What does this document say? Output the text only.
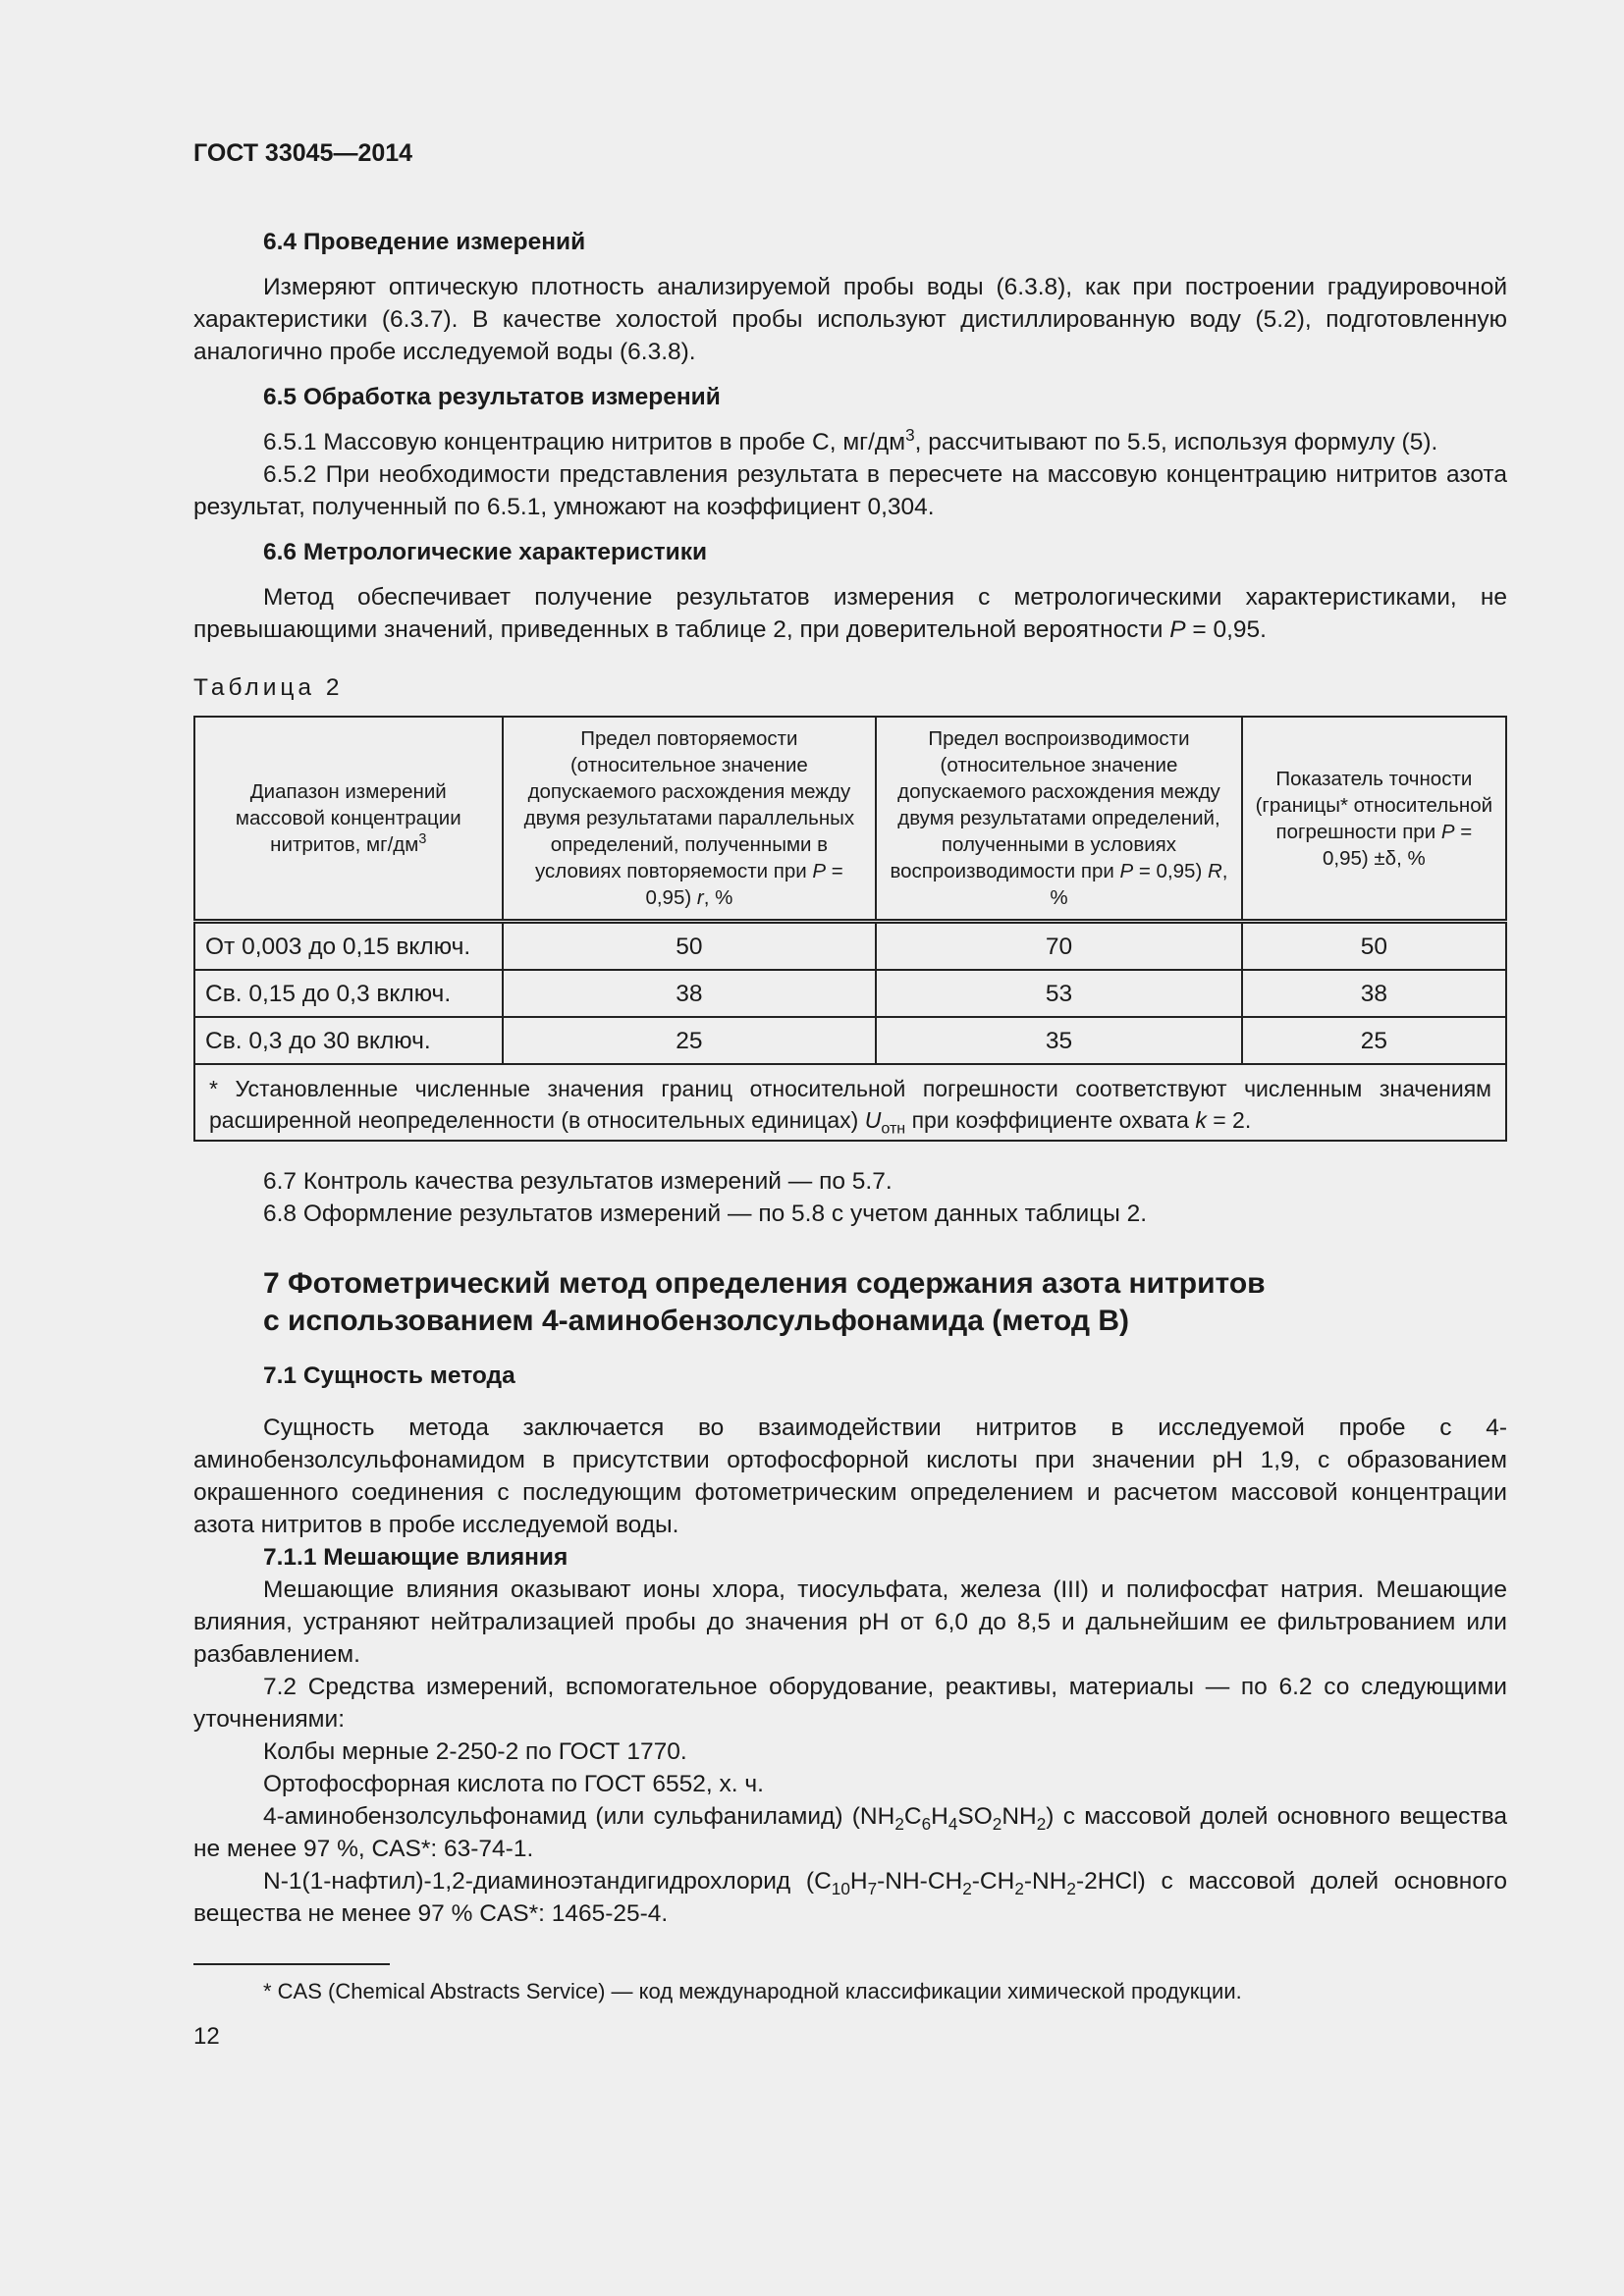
ГОСТ 33045—2014
6.4 Проведение измерений

Измеряют оптическую плотность анализируемой пробы воды (6.3.8), как при построении градуировочной характеристики (6.3.7). В качестве холостой пробы используют дистиллированную воду (5.2), подготовленную аналогично пробе исследуемой воды (6.3.8).

6.5 Обработка результатов измерений

6.5.1 Массовую концентрацию нитритов в пробе С, $мг/дм^3$, рассчитывают по 5.5, используя формулу (5).

6.5.2 При необходимости представления результата в пересчете на массовую концентрацию нитритов азота результат, полученный по 6.5.1, умножают на коэффициент 0,304.

6.6 Метрологические характеристики

Метод обеспечивает получение результатов измерения с метрологическими характеристиками, не превышающими значений, приведенных в таблице 2, при доверительной вероятности P = 0,95.

Таблица 2
Диапазон измерений массовой концентрации нитритов, $мг/дм^3$	Предел повторяемости (относительное значение допускаемого расхождения между двумя результатами параллельных определений, полученными в условиях повторяемости при P = 0,95) r, %	Предел воспроизводимости (относительное значение допускаемого расхождения между двумя результатами определений, полученными в условиях воспроизводимости при P = 0,95) R, %	Показатель точности (границы* относительной погрешности при P = 0,95) ±δ, %
От 0,003 до 0,15 включ.	50	70	50
Св. 0,15 до 0,3 включ.	38	53	38
Св. 0,3 до 30 включ.	25	35	25
* Установленные численные значения границ относительной погрешности соответствуют численным значениям расширенной неопределенности (в относительных единицах) $U_{отн}$ при коэффициенте охвата k = 2.			

6.7 Контроль качества результатов измерений — по 5.7.

6.8 Оформление результатов измерений — по 5.8 с учетом данных таблицы 2.

7 Фотометрический метод определения содержания азота нитритов
с использованием 4-аминобензолсульфонамида (метод В)
7.1 Сущность метода

Сущность метода заключается во взаимодействии нитритов в исследуемой пробе с 4-аминобензолсульфонамидом в присутствии ортофосфорной кислоты при значении рН 1,9, с образованием окрашенного соединения с последующим фотометрическим определением и расчетом массовой концентрации азота нитритов в пробе исследуемой воды.

7.1.1 Мешающие влияния

Мешающие влияния оказывают ионы хлора, тиосульфата, железа (III) и полифосфат натрия. Мешающие влияния, устраняют нейтрализацией пробы до значения рН от 6,0 до 8,5 и дальнейшим ее фильтрованием или разбавлением.

7.2 Средства измерений, вспомогательное оборудование, реактивы, материалы — по 6.2 со следующими уточнениями:

Колбы мерные 2-250-2 по ГОСТ 1770.

Ортофосфорная кислота по ГОСТ 6552, х. ч.

4-аминобензолсульфонамид (или сульфаниламид) $(NH_2C_6H_4SO_2NH_2)$ с массовой долей основного вещества не менее 97 %, CAS*: 63-74-1.

N-1(1-нафтил)-1,2-диаминоэтандигидрохлорид $(C_{10}H_7-NH-CH_2-CH_2-NH_2-2HCl)$ с массовой долей основного вещества не менее 97 % CAS*: 1465-25-4.

* CAS (Chemical Abstracts Service) — код международной классификации химической продукции.
12
